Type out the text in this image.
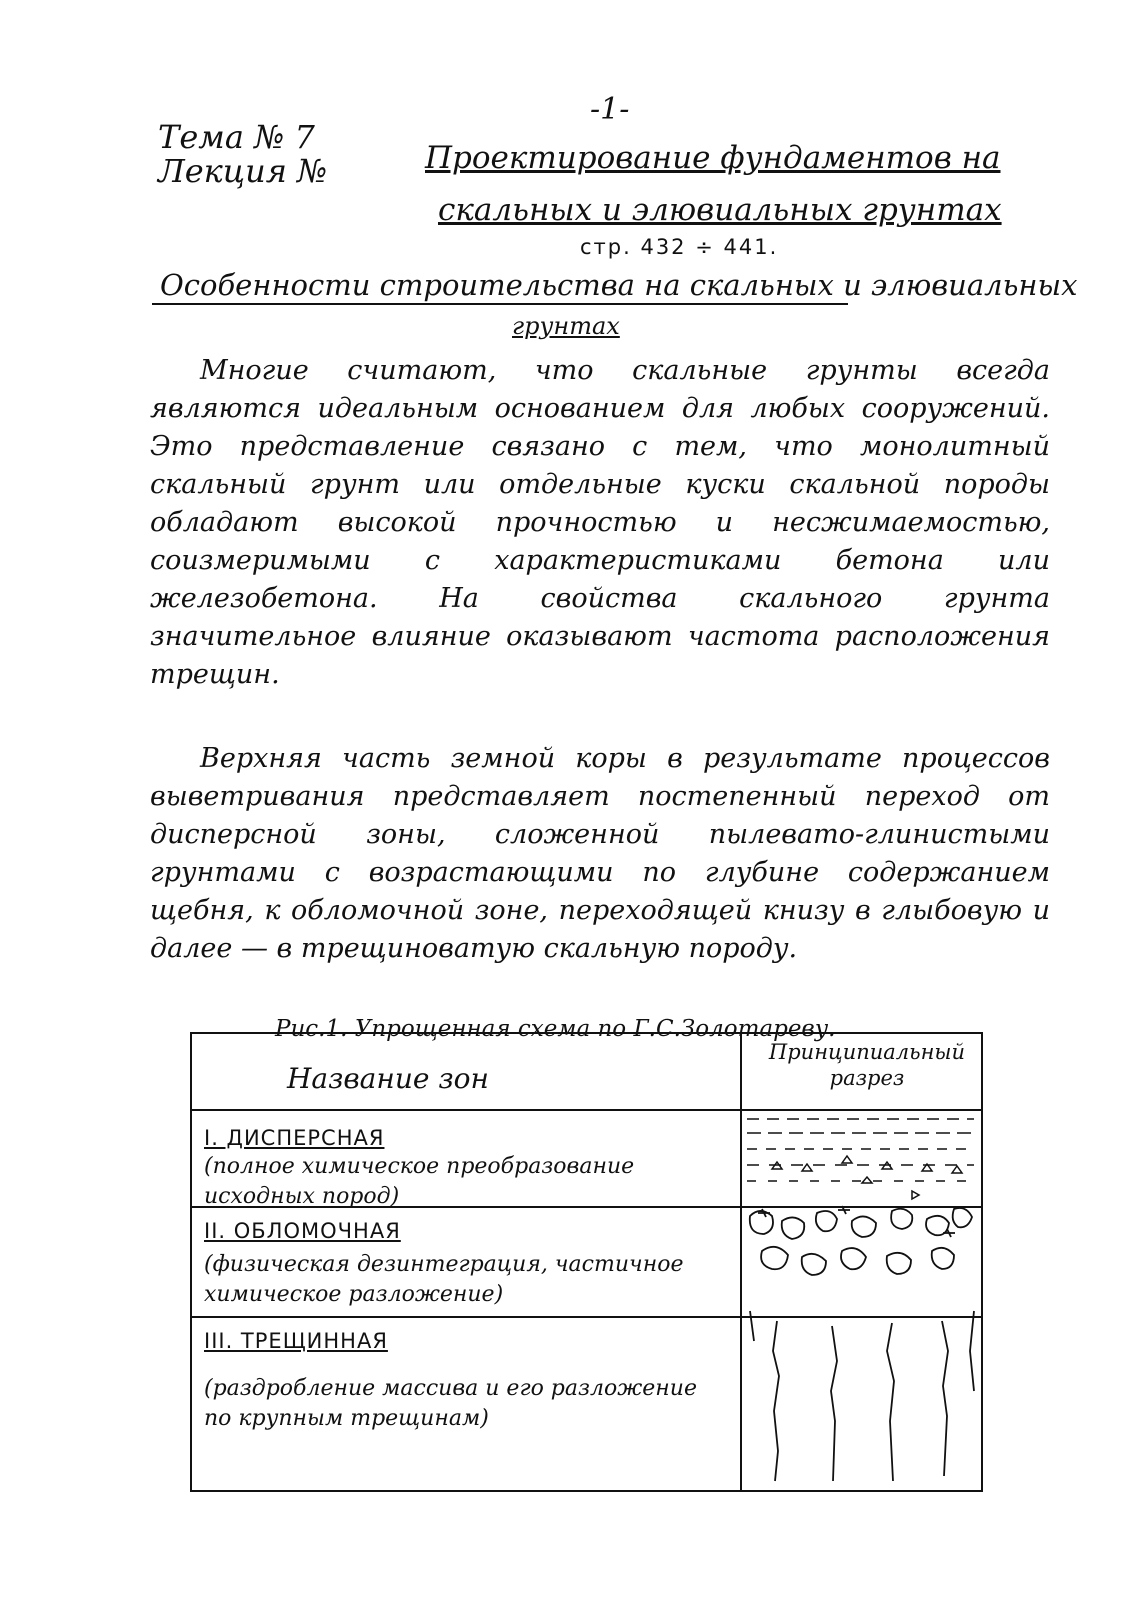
-1-
Тема № 7
Лекция №	Проектирование фундаментов на
скальных и элювиальных грунтах
стр. 432 ÷ 441.
Особенности строительства на скальных и элювиальных
грунтах
Многие считают, что скальные грунты всегда являются идеальным основанием для любых сооружений. Это представление связано с тем, что монолитный скальный грунт или отдельные куски скальной породы обладают высокой прочностью и несжимаемостью, соизмеримыми с характеристиками бетона или железобетона. На свойства скального грунта значительное влияние оказывают частота расположения трещин.
Верхняя часть земной коры в результате процессов выветривания представляет постепенный переход от дисперсной зоны, сложенной пылевато-глинистыми грунтами с возрастающими по глубине содержанием щебня, к обломочной зоне, переходящей книзу в глыбовую и далее — в трещиноватую скальную породу.
Рис.1. Упрощенная схема по Г.С.Золотареву.
Название зон
Принципиальный разрез
I. ДИСПЕРСНАЯ
(полное химическое преобразование исходных пород)
II. ОБЛОМОЧНАЯ
(физическая дезинтеграция, частичное химическое разложение)
III. ТРЕЩИННАЯ
(раздробление массива и его разложение по крупным трещинам)
